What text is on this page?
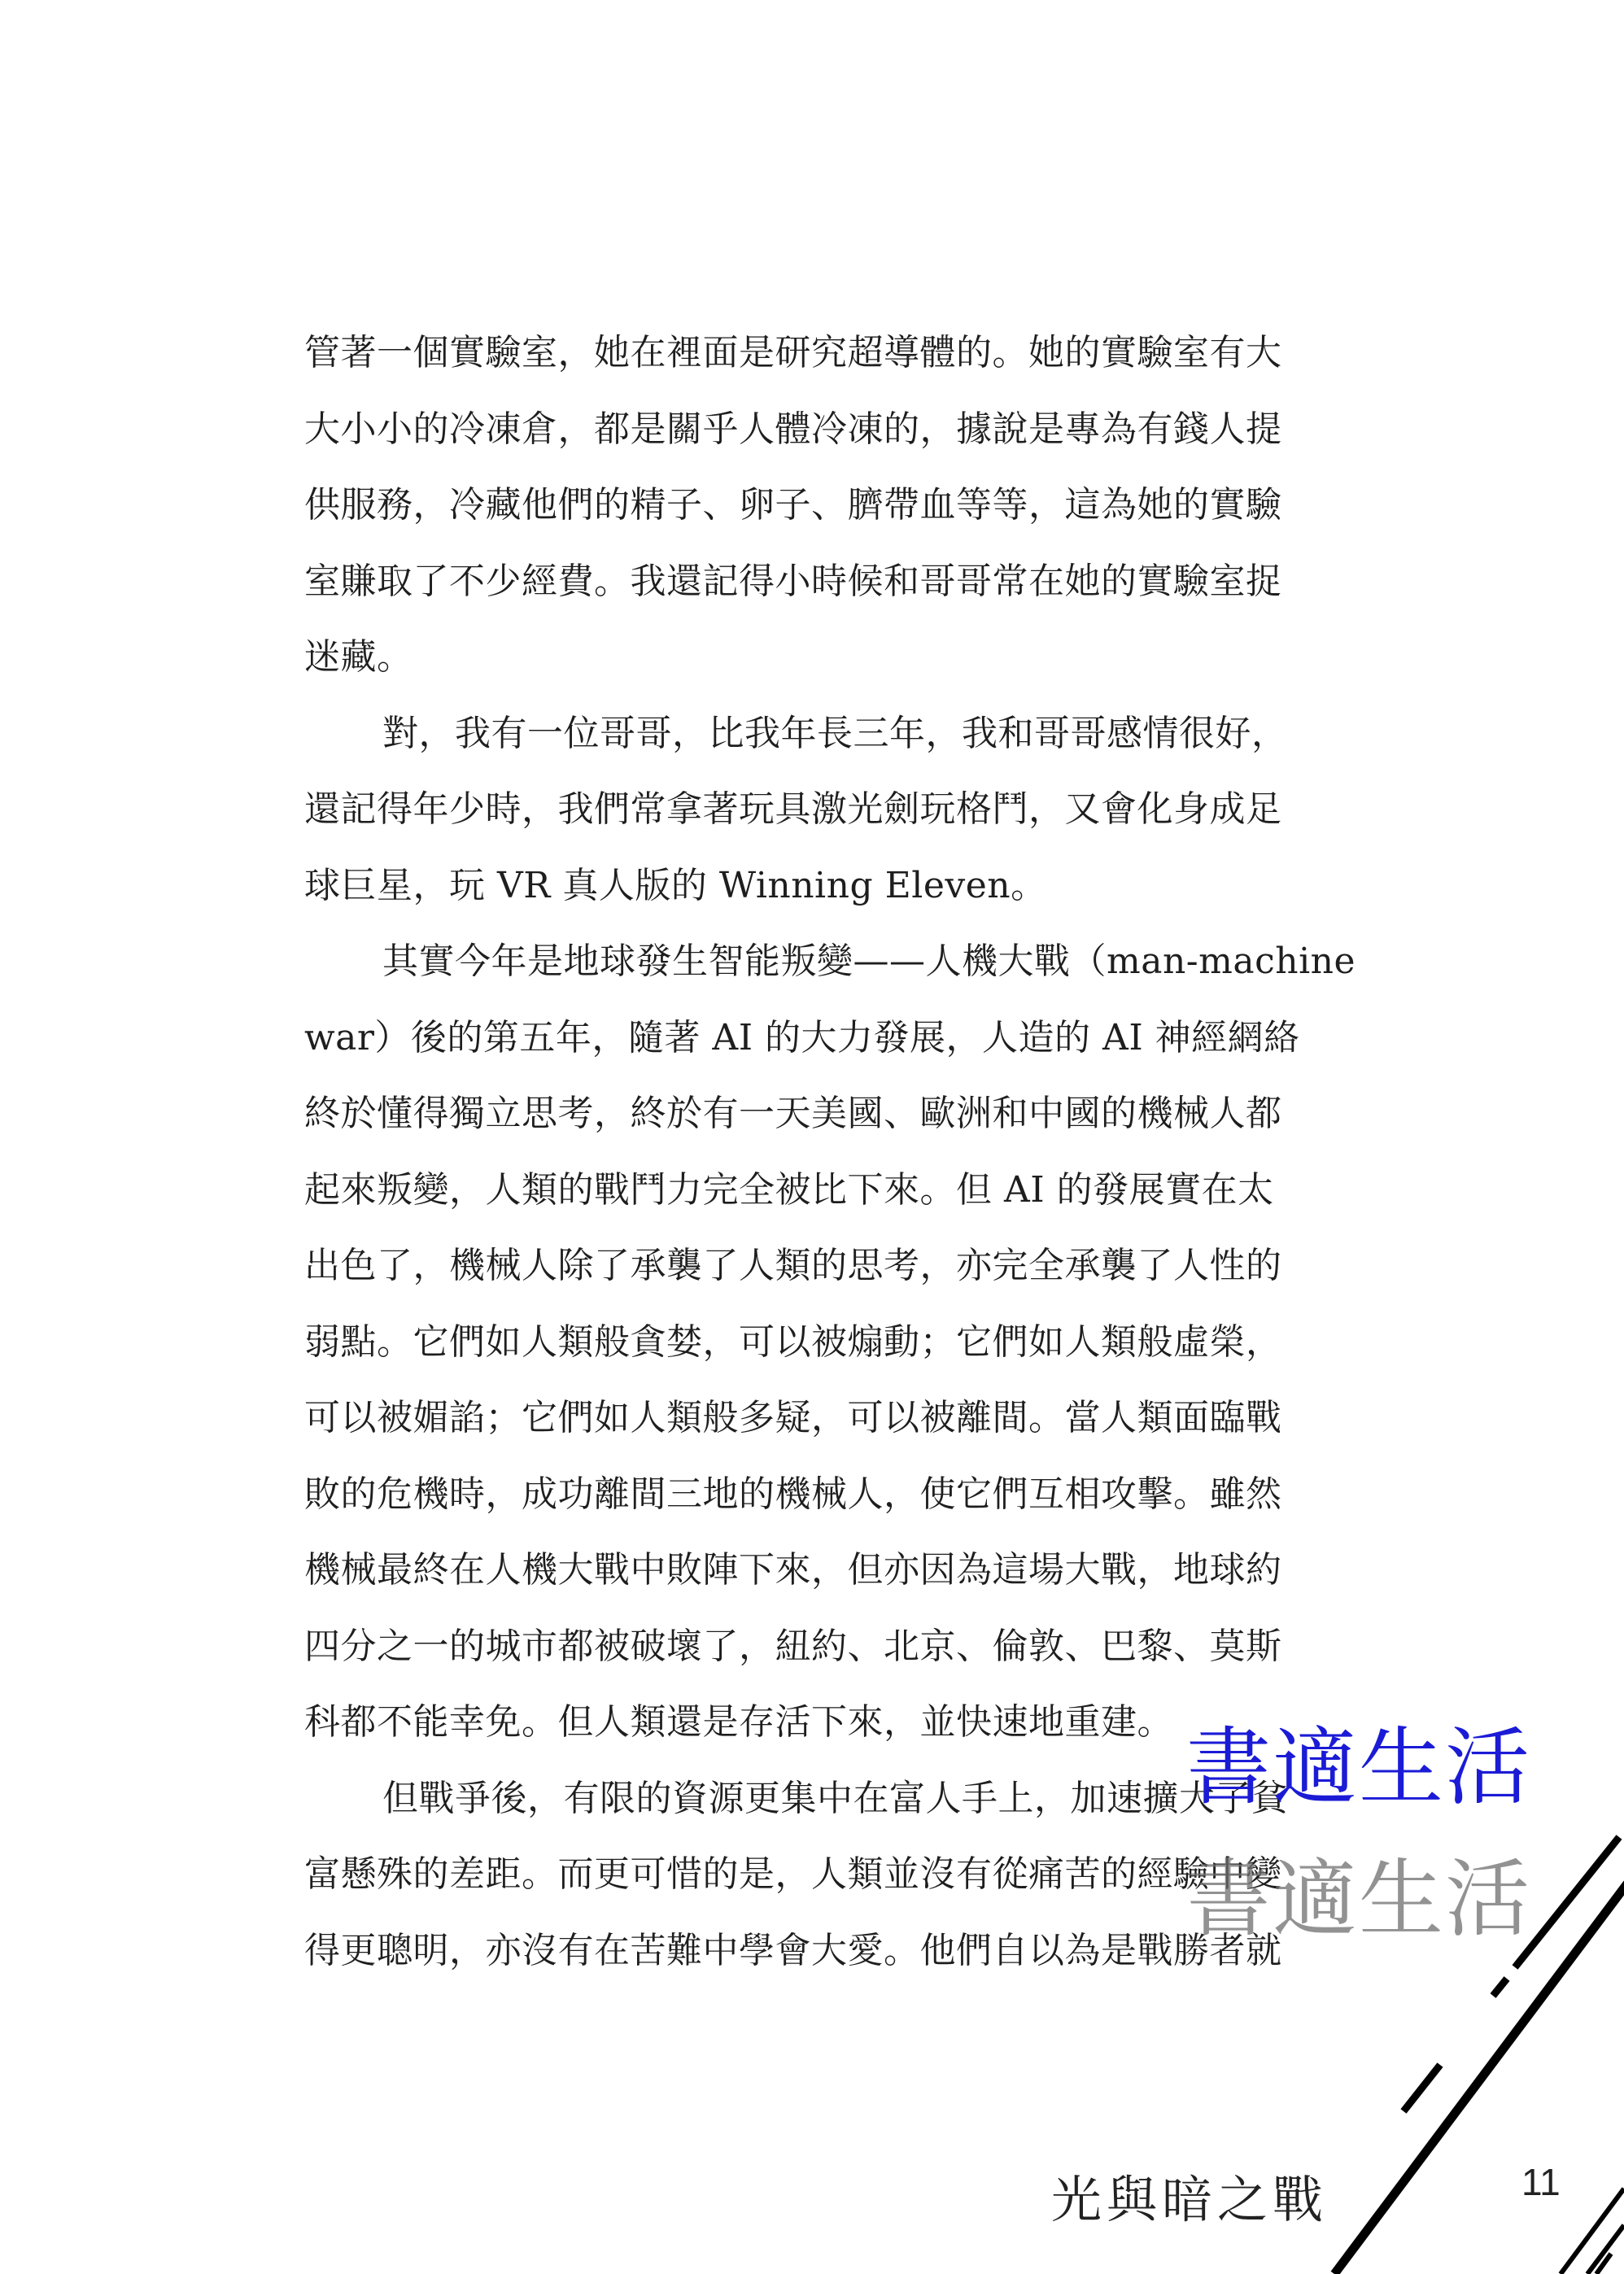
管著一個實驗室，她在裡面是研究超導體的。她的實驗室有大
大小小的冷凍倉，都是關乎人體冷凍的，據說是專為有錢人提
供服務，冷藏他們的精子、卵子、臍帶血等等，這為她的實驗
室賺取了不少經費。我還記得小時候和哥哥常在她的實驗室捉
迷藏。
對，我有一位哥哥，比我年長三年，我和哥哥感情很好，
還記得年少時，我們常拿著玩具激光劍玩格鬥，又會化身成足
球巨星，玩 VR 真人版的 Winning Eleven。
其實今年是地球發生智能叛變——人機大戰（man-machine
war）後的第五年，隨著 AI 的大力發展，人造的 AI 神經網絡
終於懂得獨立思考，終於有一天美國、歐洲和中國的機械人都
起來叛變，人類的戰鬥力完全被比下來。但 AI 的發展實在太
出色了，機械人除了承襲了人類的思考，亦完全承襲了人性的
弱點。它們如人類般貪婪，可以被煽動；它們如人類般虛榮，
可以被媚諂；它們如人類般多疑，可以被離間。當人類面臨戰
敗的危機時，成功離間三地的機械人，使它們互相攻擊。雖然
機械最終在人機大戰中敗陣下來，但亦因為這場大戰，地球約
四分之一的城市都被破壞了，紐約、北京、倫敦、巴黎、莫斯
科都不能幸免。但人類還是存活下來，並快速地重建。
但戰爭後，有限的資源更集中在富人手上，加速擴大了貧
富懸殊的差距。而更可惜的是，人類並沒有從痛苦的經驗中變
得更聰明，亦沒有在苦難中學會大愛。他們自以為是戰勝者就
書適生活
書適生活
光與暗之戰	11
